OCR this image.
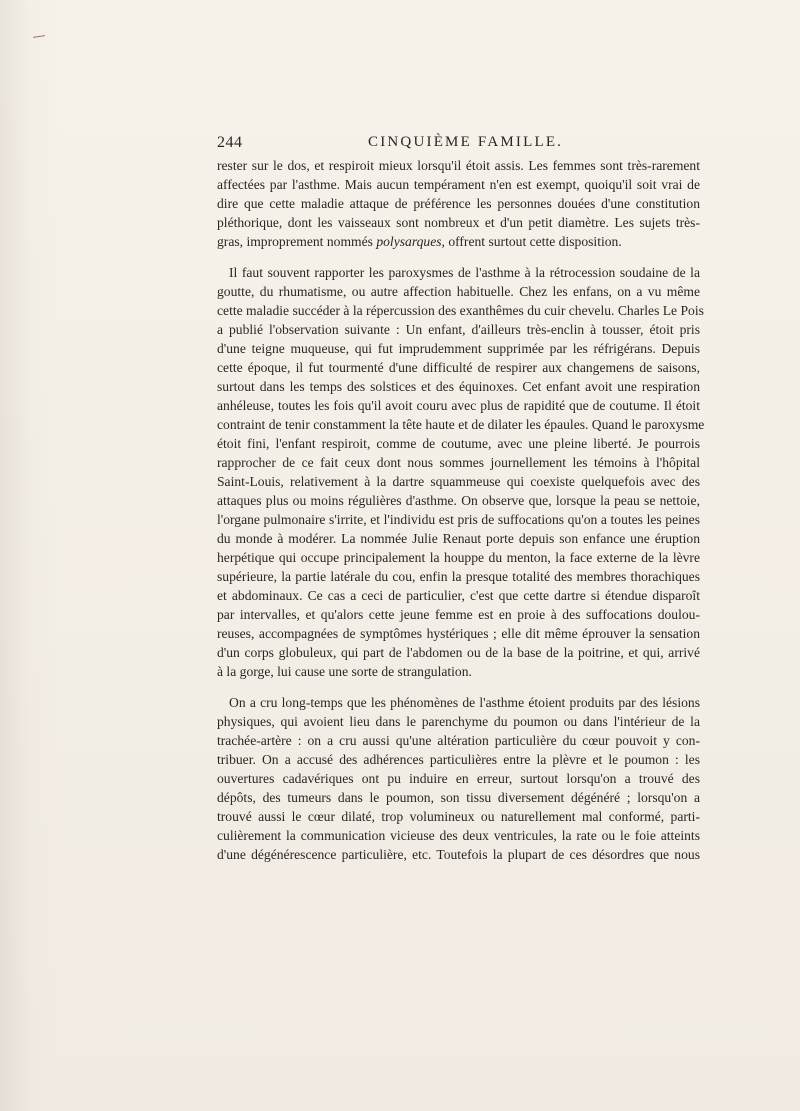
244	CINQUIÈME FAMILLE.
rester sur le dos, et respiroit mieux lorsqu'il étoit assis. Les femmes sont très-rarement
affectées par l'asthme. Mais aucun tempérament n'en est exempt, quoiqu'il soit vrai de
dire que cette maladie attaque de préférence les personnes douées d'une constitution
pléthorique, dont les vaisseaux sont nombreux et d'un petit diamètre. Les sujets très-
gras, improprement nommés polysarques, offrent surtout cette disposition.
Il faut souvent rapporter les paroxysmes de l'asthme à la rétrocession soudaine de la
goutte, du rhumatisme, ou autre affection habituelle. Chez les enfans, on a vu même
cette maladie succéder à la répercussion des exanthêmes du cuir chevelu. Charles Le Pois
a publié l'observation suivante : Un enfant, d'ailleurs très-enclin à tousser, étoit pris
d'une teigne muqueuse, qui fut imprudemment supprimée par les réfrigérans. Depuis
cette époque, il fut tourmenté d'une difficulté de respirer aux changemens de saisons,
surtout dans les temps des solstices et des équinoxes. Cet enfant avoit une respiration
anhéleuse, toutes les fois qu'il avoit couru avec plus de rapidité que de coutume. Il étoit
contraint de tenir constamment la tête haute et de dilater les épaules. Quand le paroxysme
étoit fini, l'enfant respiroit, comme de coutume, avec une pleine liberté. Je pourrois
rapprocher de ce fait ceux dont nous sommes journellement les témoins à l'hôpital
Saint-Louis, relativement à la dartre squammeuse qui coexiste quelquefois avec des
attaques plus ou moins régulières d'asthme. On observe que, lorsque la peau se nettoie,
l'organe pulmonaire s'irrite, et l'individu est pris de suffocations qu'on a toutes les peines
du monde à modérer. La nommée Julie Renaut porte depuis son enfance une éruption
herpétique qui occupe principalement la houppe du menton, la face externe de la lèvre
supérieure, la partie latérale du cou, enfin la presque totalité des membres thorachiques
et abdominaux. Ce cas a ceci de particulier, c'est que cette dartre si étendue disparoît
par intervalles, et qu'alors cette jeune femme est en proie à des suffocations doulou-
reuses, accompagnées de symptômes hystériques ; elle dit même éprouver la sensation
d'un corps globuleux, qui part de l'abdomen ou de la base de la poitrine, et qui, arrivé
à la gorge, lui cause une sorte de strangulation.
On a cru long-temps que les phénomènes de l'asthme étoient produits par des lésions
physiques, qui avoient lieu dans le parenchyme du poumon ou dans l'intérieur de la
trachée-artère : on a cru aussi qu'une altération particulière du cœur pouvoit y con-
tribuer. On a accusé des adhérences particulières entre la plèvre et le poumon : les
ouvertures cadavériques ont pu induire en erreur, surtout lorsqu'on a trouvé des
dépôts, des tumeurs dans le poumon, son tissu diversement dégénéré ; lorsqu'on a
trouvé aussi le cœur dilaté, trop volumineux ou naturellement mal conformé, parti-
culièrement la communication vicieuse des deux ventricules, la rate ou le foie atteints
d'une dégénérescence particulière, etc. Toutefois la plupart de ces désordres que nous
